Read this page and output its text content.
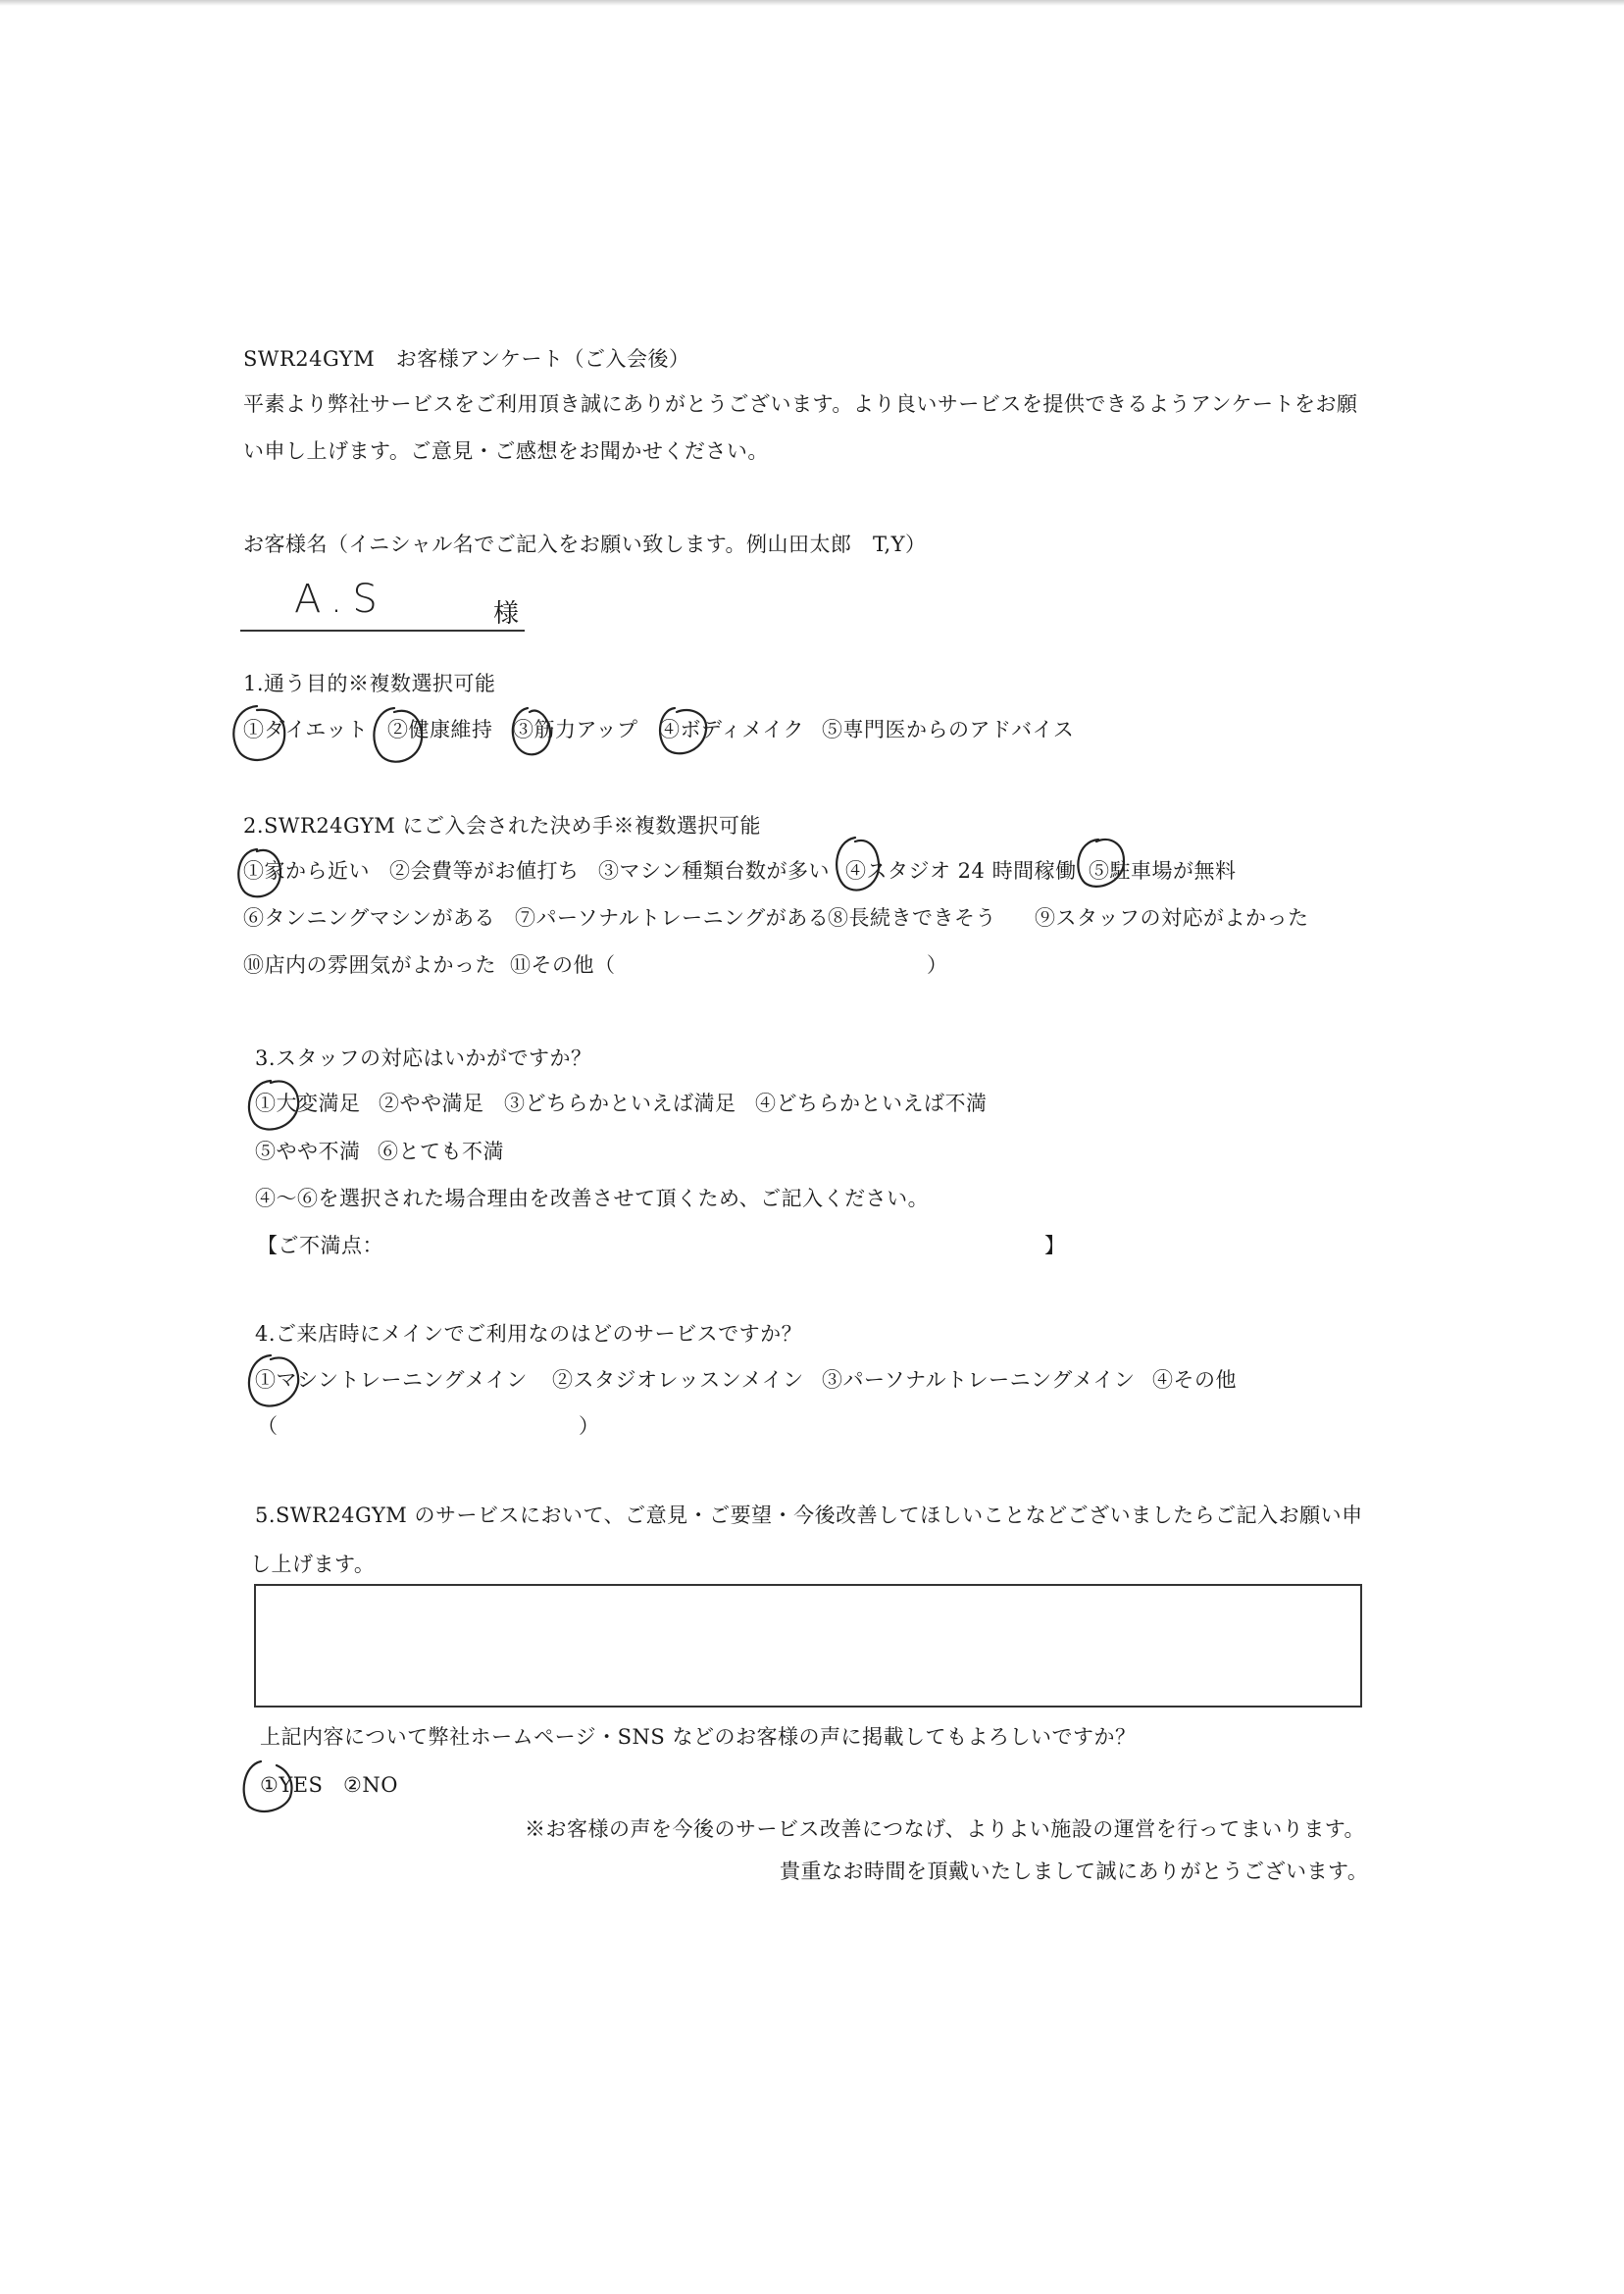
SWR24GYM　お客様アンケート（ご入会後）
平素より弊社サービスをご利用頂き誠にありがとうございます。より良いサービスを提供できるようアンケートをお願
い申し上げます。ご意見・ご感想をお聞かせください。
お客様名（イニシャル名でご記入をお願い致します。例山田太郎　T,Y）
A.S	様
1.通う目的※複数選択可能
①ダイエット ②健康維持 ③筋力アップ ④ボディメイク ⑤専門医からのアドバイス
2.SWR24GYM にご入会された決め手※複数選択可能
①家から近い ②会費等がお値打ち ③マシン種類台数が多い ④スタジオ 24 時間稼働 ⑤駐車場が無料
⑥タンニングマシンがある ⑦パーソナルトレーニングがある
⑧長続きできそう ⑨スタッフの対応がよかった
⑩店内の雰囲気がよかった ⑪その他（	）
3.スタッフの対応はいかがですか？
①大変満足 ②やや満足 ③どちらかといえば満足 ④どちらかといえば不満
⑤やや不満 ⑥とても不満
④～⑥を選択された場合理由を改善させて頂くため、ご記入ください。
【ご不満点：	】
4.ご来店時にメインでご利用なのはどのサービスですか？
①マシントレーニングメイン ②スタジオレッスンメイン ③パーソナルトレーニングメイン ④その他
（	）
5.SWR24GYM のサービスにおいて、ご意見・ご要望・今後改善してほしいことなどございましたらご記入お願い申
し上げます。
上記内容について弊社ホームページ・SNS などのお客様の声に掲載してもよろしいですか？
①YES ②NO
※お客様の声を今後のサービス改善につなげ、よりよい施設の運営を行ってまいります。
貴重なお時間を頂戴いたしまして誠にありがとうございます。
